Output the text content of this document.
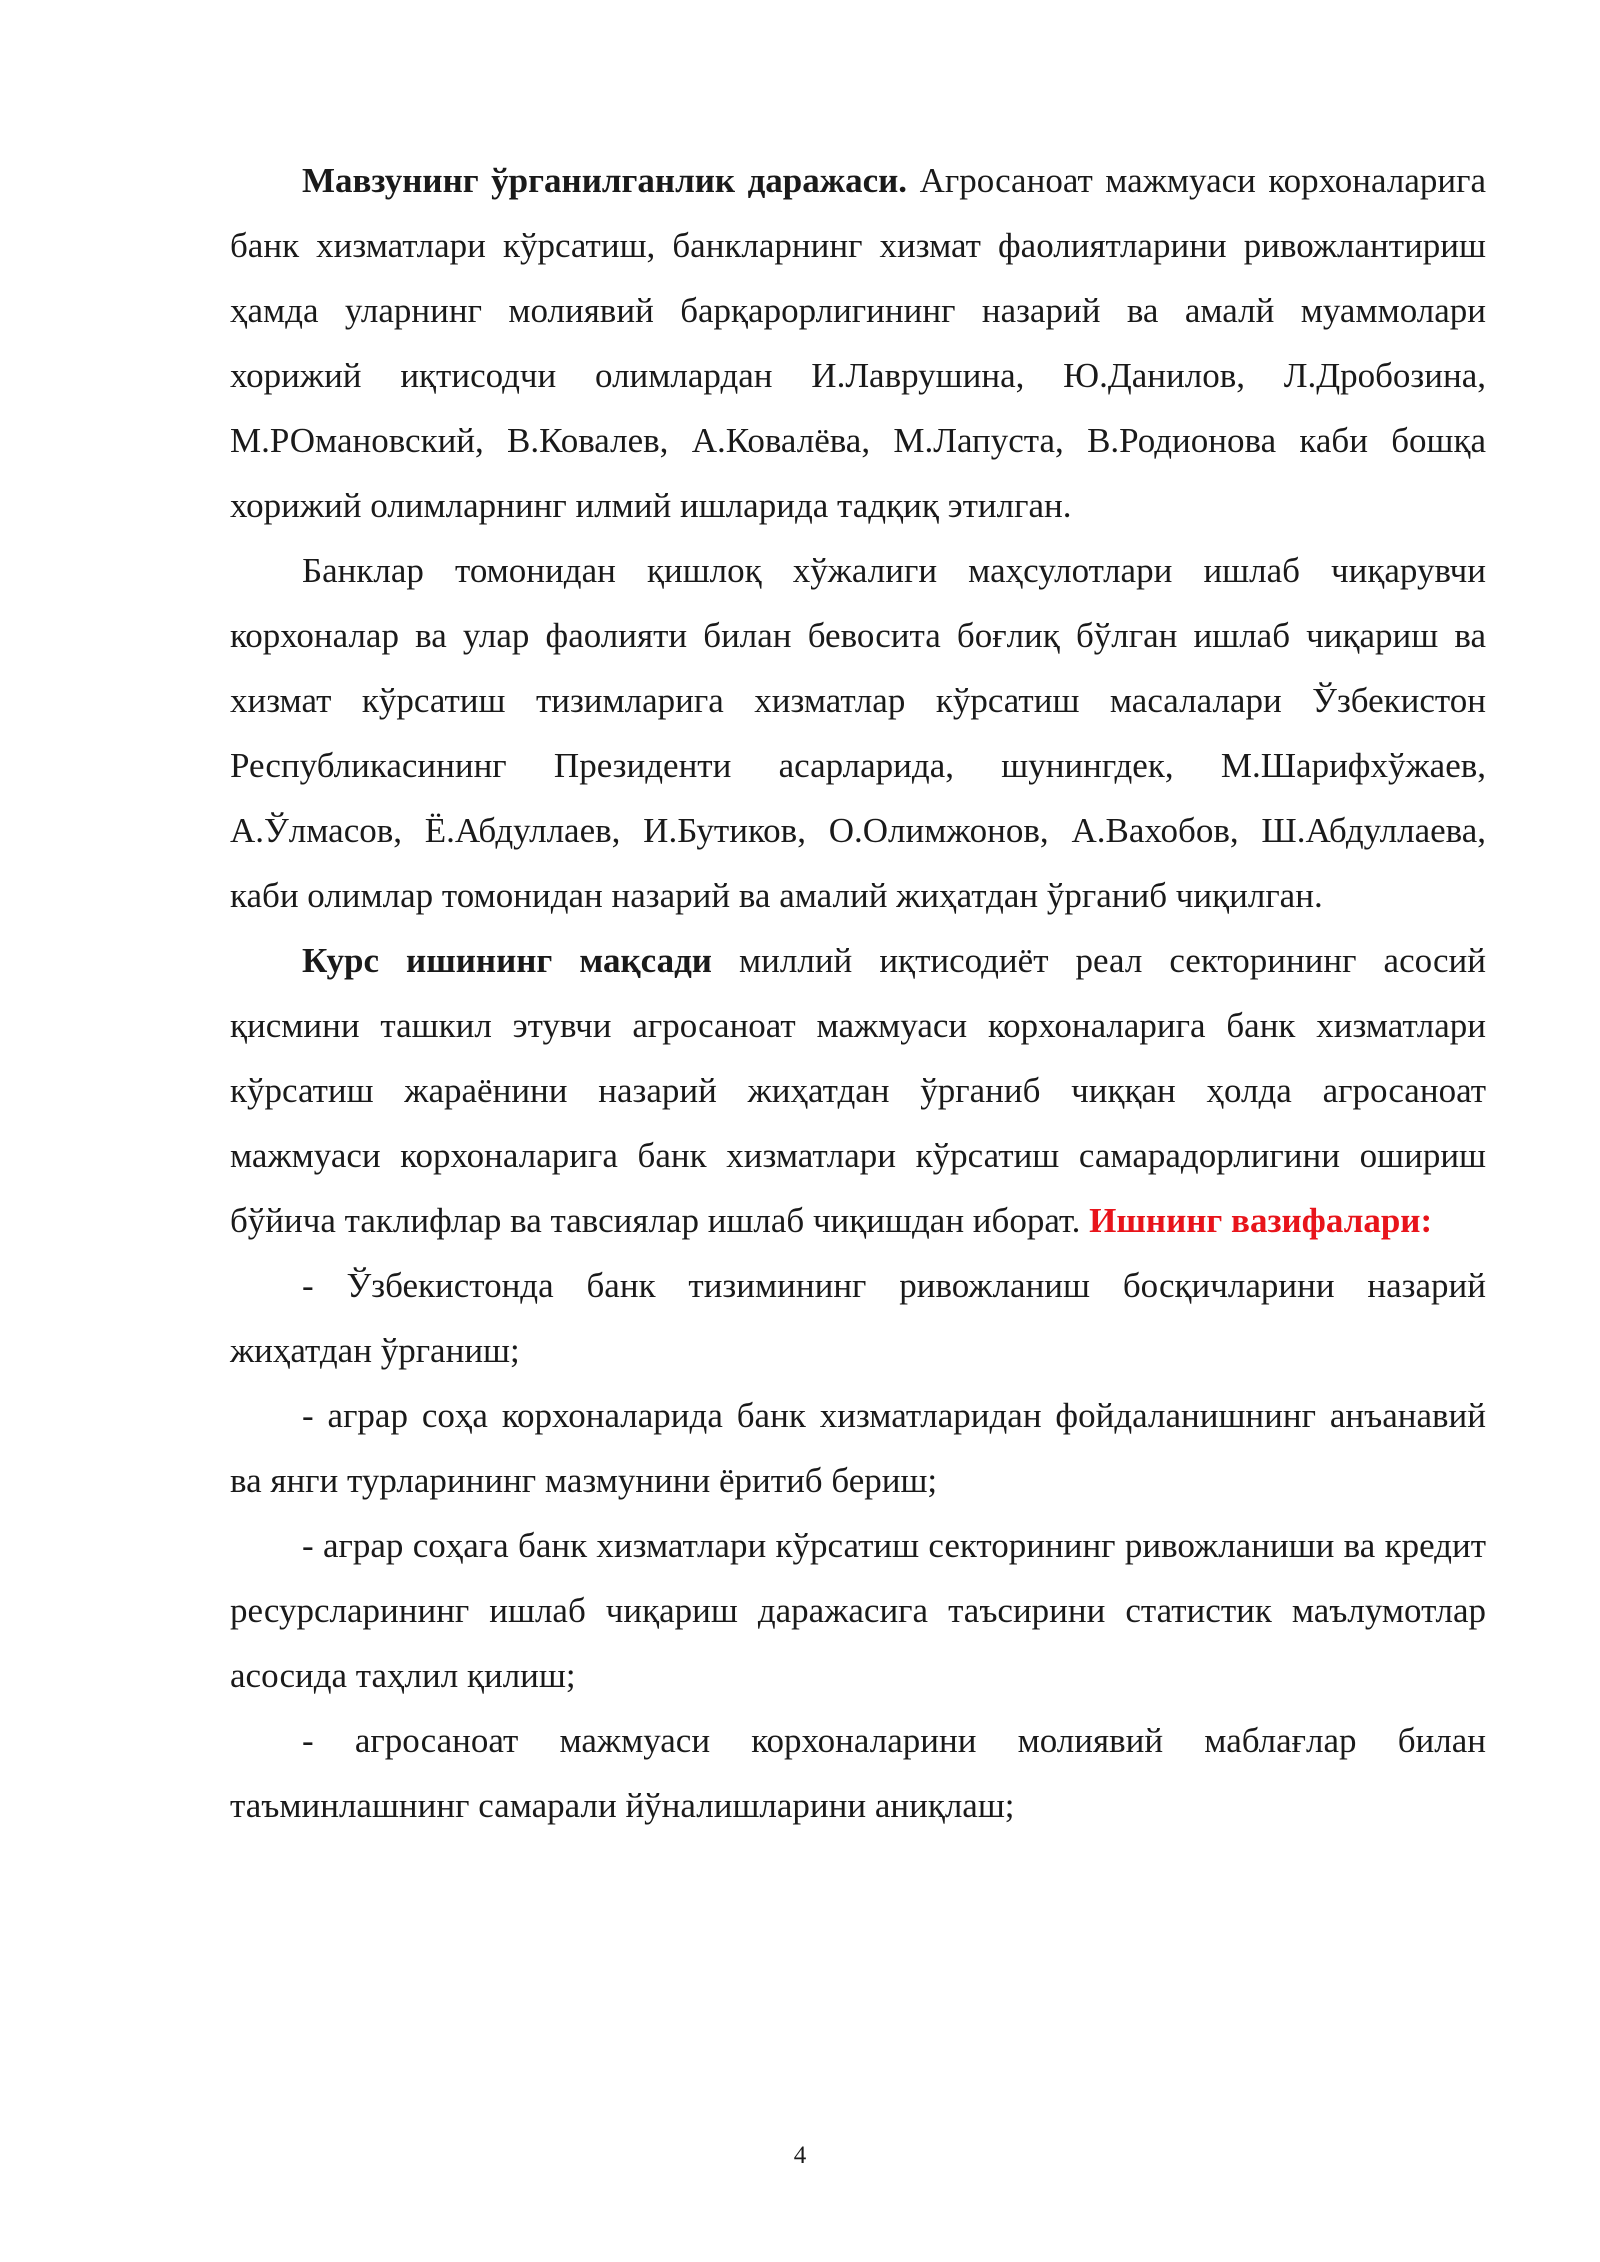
Мавзунинг ўрганилганлик даражаси. Агросаноат мажмуаси корхоналарига банк хизматлари кўрсатиш, банкларнинг хизмат фаолиятларини ривожлантириш ҳамда уларнинг молиявий барқарорлигининг назарий ва амалй муаммолари хорижий иқтисодчи олимлардан И.Лаврушина, Ю.Данилов, Л.Дробозина, М.РОмановский, В.Ковалев, А.Ковалёва, М.Лапуста, В.Родионова каби бошқа хорижий олимларнинг илмий ишларида тадқиқ этилган.

Банклар томонидан қишлоқ хўжалиги маҳсулотлари ишлаб чиқарувчи корхоналар ва улар фаолияти билан бевосита боғлиқ бўлган ишлаб чиқариш ва хизмат кўрсатиш тизимларига хизматлар кўрсатиш масалалари Ўзбекистон Республикасининг Президенти асарларида, шунингдек, М.Шарифхўжаев, А.Ўлмасов, Ё.Абдуллаев, И.Бутиков, О.Олимжонов, А.Вахобов, Ш.Абдуллаева, каби олимлар томонидан назарий ва амалий жиҳатдан ўрганиб чиқилган.

Курс ишининг мақсади миллий иқтисодиёт реал секторининг асосий қисмини ташкил этувчи агросаноат мажмуаси корхоналарига банк хизматлари кўрсатиш жараёнини назарий жиҳатдан ўрганиб чиққан ҳолда агросаноат мажмуаси корхоналарига банк хизматлари кўрсатиш самарадорлигини ошириш бўйича таклифлар ва тавсиялар ишлаб чиқишдан иборат. Ишнинг вазифалари:

- Ўзбекистонда банк тизимининг ривожланиш босқичларини назарий жиҳатдан ўрганиш;

- аграр соҳа корхоналарида банк хизматларидан фойдаланишнинг анъанавий ва янги турларининг мазмунини ёритиб бериш;

- аграр соҳага банк хизматлари кўрсатиш секторининг ривожланиши ва кредит ресурсларининг ишлаб чиқариш даражасига таъсирини статистик маълумотлар асосида таҳлил қилиш;

- агросаноат мажмуаси корхоналарини молиявий маблағлар билан таъминлашнинг самарали йўналишларини аниқлаш;

4
